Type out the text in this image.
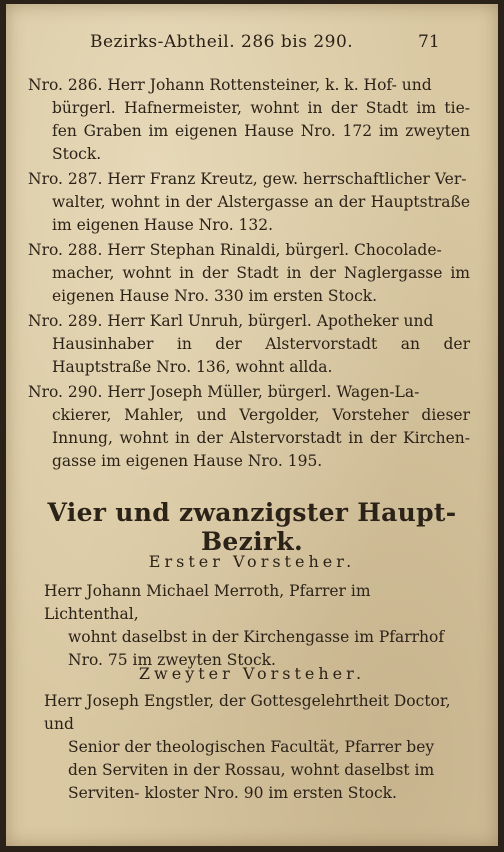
Bezirks-Abtheil. 286 bis 290.	71
Nro. 286. Herr Johann Rottensteiner, k. k. Hof- und
bürgerl. Hafnermeister, wohnt in der Stadt im tie- fen Graben im eigenen Hause Nro. 172 im zweyten Stock.
Nro. 287. Herr Franz Kreutz, gew. herrschaftlicher Ver-
walter, wohnt in der Alstergasse an der Hauptstraße im eigenen Hause Nro. 132.
Nro. 288. Herr Stephan Rinaldi, bürgerl. Chocolade-
macher, wohnt in der Stadt in der Naglergasse im eigenen Hause Nro. 330 im ersten Stock.
Nro. 289. Herr Karl Unruh, bürgerl. Apotheker und
Hausinhaber in der Alstervorstadt an der Hauptstraße Nro. 136, wohnt allda.
Nro. 290. Herr Joseph Müller, bürgerl. Wagen-La-
ckierer, Mahler, und Vergolder, Vorsteher dieser Innung, wohnt in der Alstervorstadt in der Kirchen- gasse im eigenen Hause Nro. 195.
Vier und zwanzigster Haupt-Bezirk.
Erster Vorsteher.
Herr Johann Michael Merroth, Pfarrer im Lichtenthal,
wohnt daselbst in der Kirchengasse im Pfarrhof Nro. 75 im zweyten Stock.
Zweyter Vorsteher.
Herr Joseph Engstler, der Gottesgelehrtheit Doctor, und
Senior der theologischen Facultät, Pfarrer bey den Serviten in der Rossau, wohnt daselbst im Serviten- kloster Nro. 90 im ersten Stock.
